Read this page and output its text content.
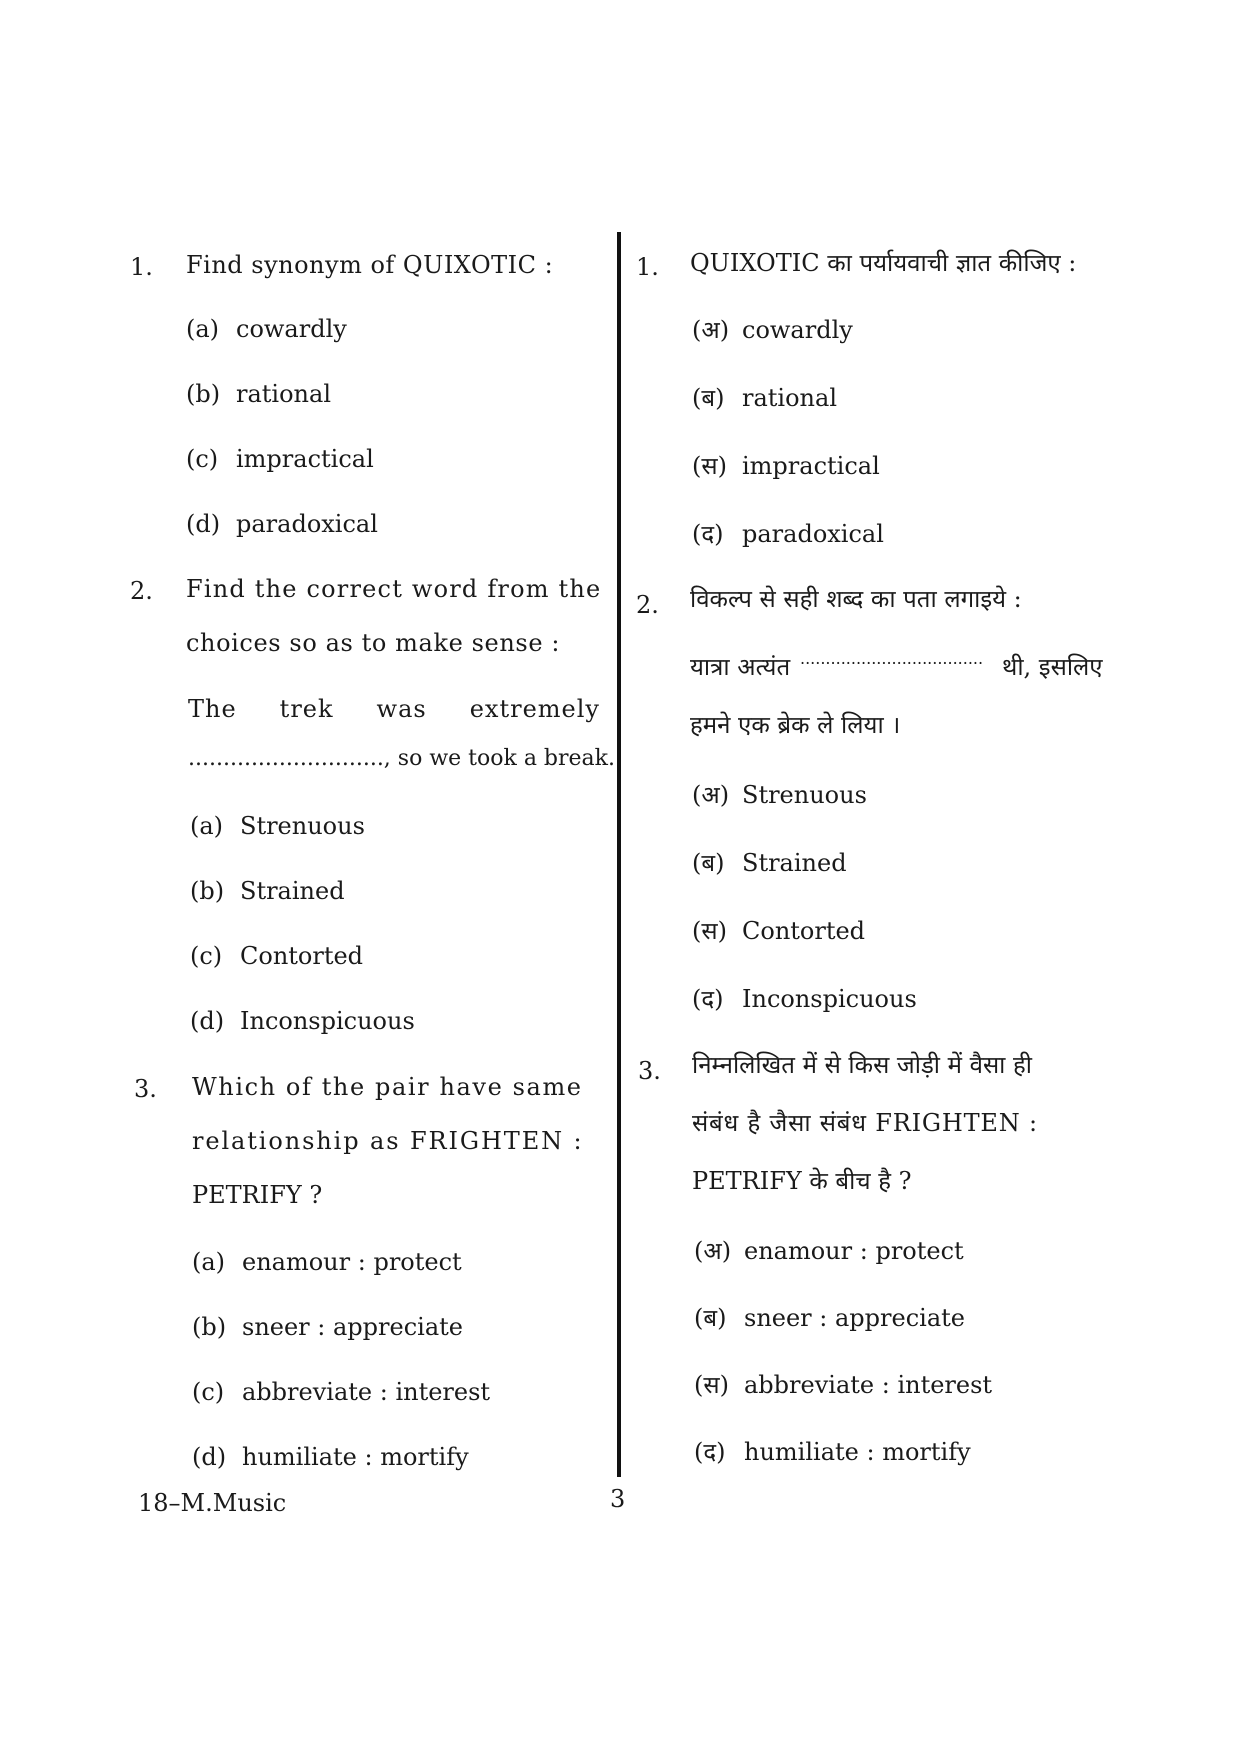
1. Find synonym of QUIXOTIC :
(a) cowardly
(b) rational
(c) impractical
(d) paradoxical
2. Find the correct word from the
choices so as to make sense :
The trek was extremely
............................, so we took a break.
(a) Strenuous
(b) Strained
(c) Contorted
(d) Inconspicuous
3. Which of the pair have same
relationship as FRIGHTEN :
PETRIFY ?
(a) enamour : protect
(b) sneer : appreciate
(c) abbreviate : interest
(d) humiliate : mortify
1. QUIXOTIC का पर्यायवाची ज्ञात कीजिए :
(अ) cowardly
(ब) rational
(स) impractical
(द) paradoxical
2. विकल्प से सही शब्द का पता लगाइये :
यात्रा अत्यंत .................................... थी, इसलिए
हमने एक ब्रेक ले लिया ।
(अ) Strenuous
(ब) Strained
(स) Contorted
(द) Inconspicuous
3. निम्नलिखित में से किस जोड़ी में वैसा ही
संबंध है जैसा संबंध FRIGHTEN :
PETRIFY के बीच है ?
(अ) enamour : protect
(ब) sneer : appreciate
(स) abbreviate : interest
(द) humiliate : mortify
18–M.Music	3
